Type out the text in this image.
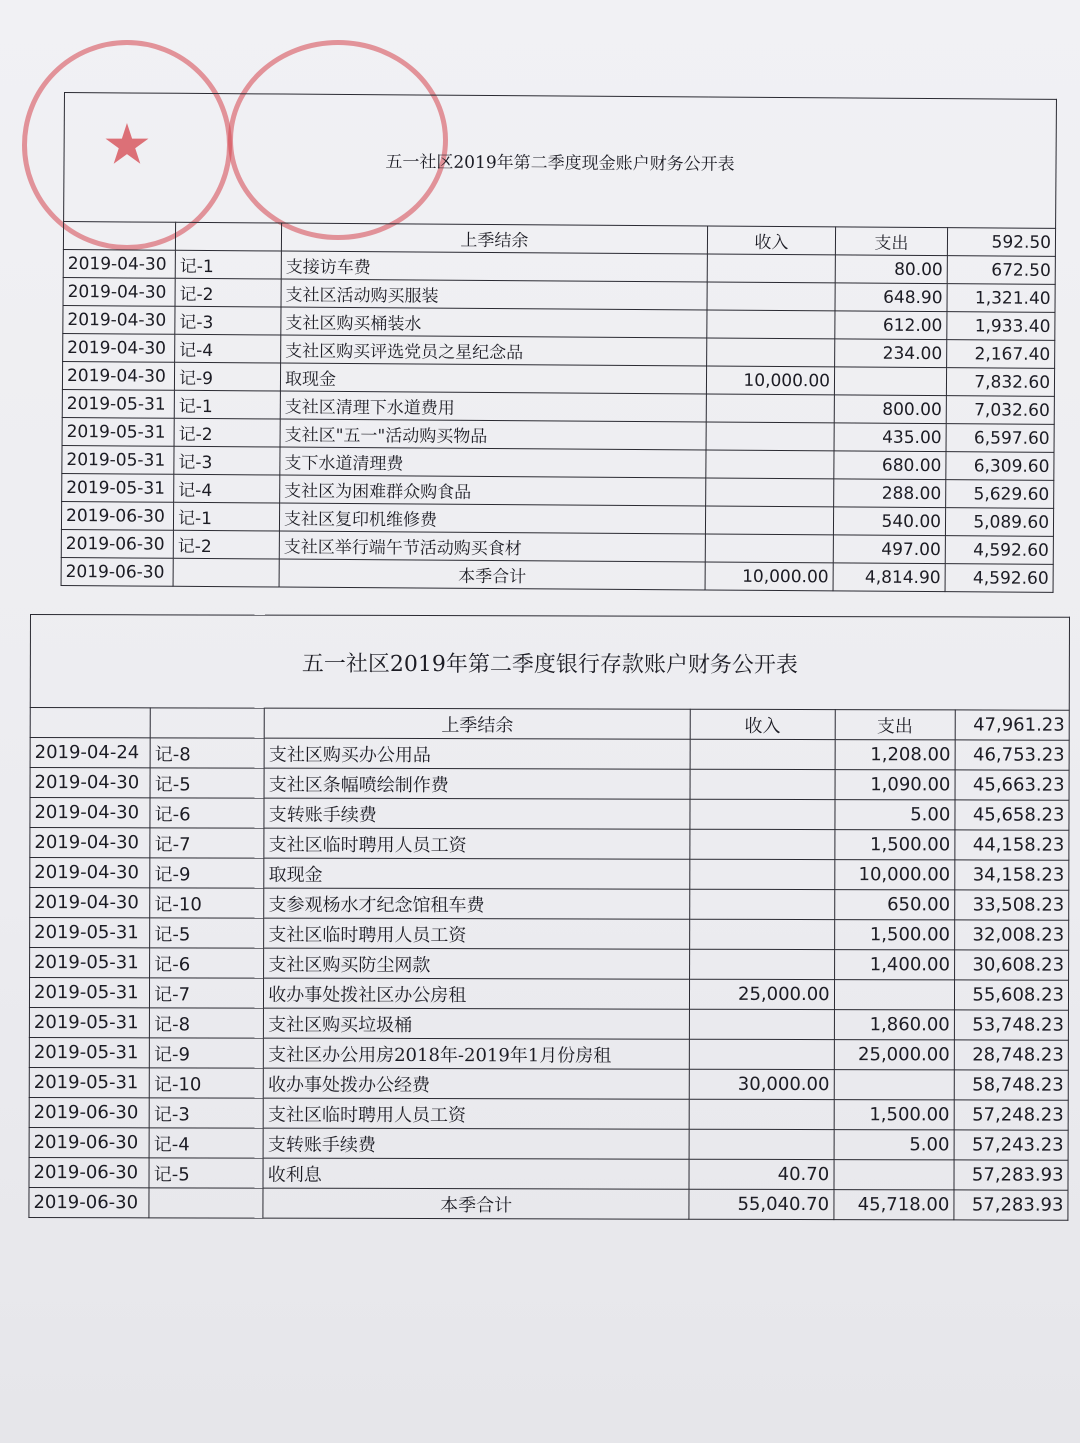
★	五一社区2019年第二季度现金账户财务公开表					
		上季结余	收入	支出	592.50
2019-04-30	记-1	支接访车费		80.00	672.50
2019-04-30	记-2	支社区活动购买服装		648.90	1,321.40
2019-04-30	记-3	支社区购买桶装水		612.00	1,933.40
2019-04-30	记-4	支社区购买评选党员之星纪念品		234.00	2,167.40
2019-04-30	记-9	取现金	10,000.00		7,832.60
2019-05-31	记-1	支社区清理下水道费用		800.00	7,032.60
2019-05-31	记-2	支社区"五一"活动购买物品		435.00	6,597.60
2019-05-31	记-3	支下水道清理费		680.00	6,309.60
2019-05-31	记-4	支社区为困难群众购食品		288.00	5,629.60
2019-06-30	记-1	支社区复印机维修费		540.00	5,089.60
2019-06-30	记-2	支社区举行端午节活动购买食材		497.00	4,592.60
2019-06-30		本季合计	10,000.00	4,814.90	4,592.60
五一社区2019年第二季度银行存款账户财务公开表					
		上季结余	收入	支出	47,961.23
2019-04-24	记-8	支社区购买办公用品		1,208.00	46,753.23
2019-04-30	记-5	支社区条幅喷绘制作费		1,090.00	45,663.23
2019-04-30	记-6	支转账手续费		5.00	45,658.23
2019-04-30	记-7	支社区临时聘用人员工资		1,500.00	44,158.23
2019-04-30	记-9	取现金		10,000.00	34,158.23
2019-04-30	记-10	支参观杨水才纪念馆租车费		650.00	33,508.23
2019-05-31	记-5	支社区临时聘用人员工资		1,500.00	32,008.23
2019-05-31	记-6	支社区购买防尘网款		1,400.00	30,608.23
2019-05-31	记-7	收办事处拨社区办公房租	25,000.00		55,608.23
2019-05-31	记-8	支社区购买垃圾桶		1,860.00	53,748.23
2019-05-31	记-9	支社区办公用房2018年-2019年1月份房租		25,000.00	28,748.23
2019-05-31	记-10	收办事处拨办公经费	30,000.00		58,748.23
2019-06-30	记-3	支社区临时聘用人员工资		1,500.00	57,248.23
2019-06-30	记-4	支转账手续费		5.00	57,243.23
2019-06-30	记-5	收利息	40.70		57,283.93
2019-06-30		本季合计	55,040.70	45,718.00	57,283.93
